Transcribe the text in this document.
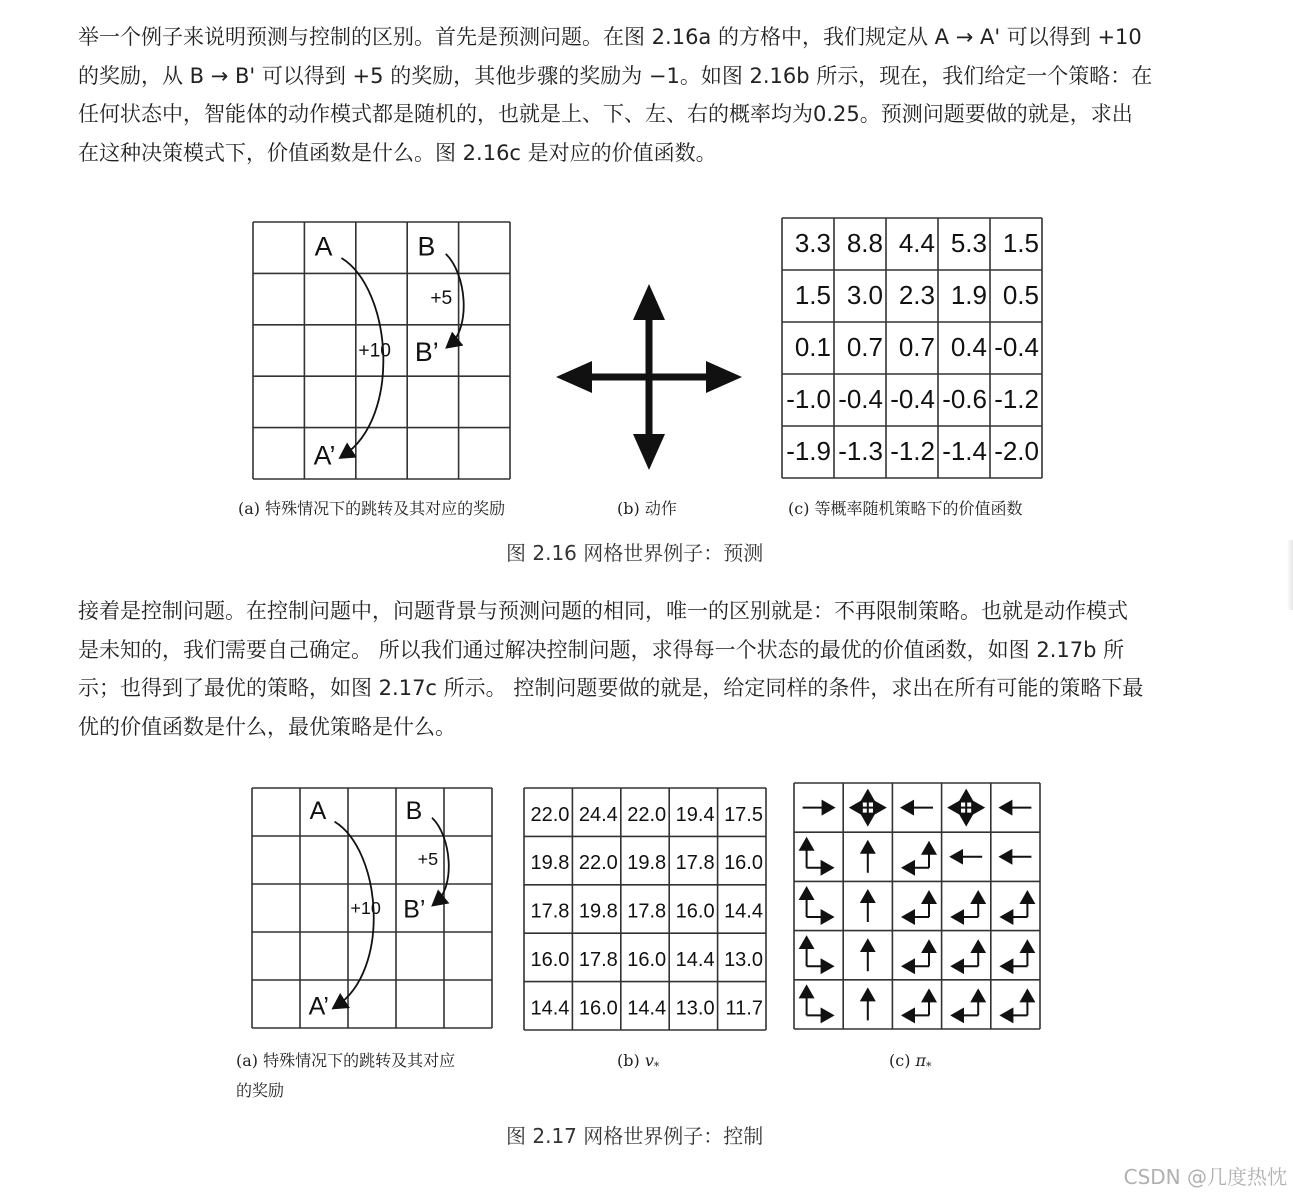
举一个例子来说明预测与控制的区别。首先是预测问题。在图 2.16a 的方格中，我们规定从 A → A' 可以得到 +10

的奖励，从 B → B' 可以得到 +5 的奖励，其他步骤的奖励为 −1。如图 2.16b 所示，现在，我们给定一个策略：在

任何状态中，智能体的动作模式都是随机的，也就是上、下、左、右的概率均为0.25。预测问题要做的就是，求出

在这种决策模式下，价值函数是什么。图 2.16c 是对应的价值函数。

A	B
B’
A’
+5
+10
3.3 8.8 4.4 5.3 1.5
1.5 3.0 2.3 1.9 0.5
0.1 0.7 0.7 0.4 -0.4
-1.0 -0.4 -0.4 -0.6 -1.2
-1.9 -1.3 -1.2 -1.4 -2.0
(a) 特殊情况下的跳转及其对应的奖励	(b) 动作	(c) 等概率随机策略下的价值函数
图 2.16 网格世界例子：预测

接着是控制问题。在控制问题中，问题背景与预测问题的相同，唯一的区别就是：不再限制策略。也就是动作模式

是未知的，我们需要自己确定。 所以我们通过解决控制问题，求得每一个状态的最优的价值函数，如图 2.17b 所

示；也得到了最优的策略，如图 2.17c 所示。 控制问题要做的就是，给定同样的条件，求出在所有可能的策略下最

优的价值函数是什么，最优策略是什么。

A	B
B’
A’
+5
+10
22.0 24.4 22.0 19.4 17.5
19.8 22.0 19.8 17.8 16.0
17.8 19.8 17.8 16.0 14.4
16.0 17.8 16.0 14.4 13.0
14.4 16.0 14.4 13.0 11.7
(a) 特殊情况下的跳转及其对应
的奖励
(b) $v_*$	(c) $\pi_*$
图 2.17 网格世界例子：控制
CSDN @几度热忱
